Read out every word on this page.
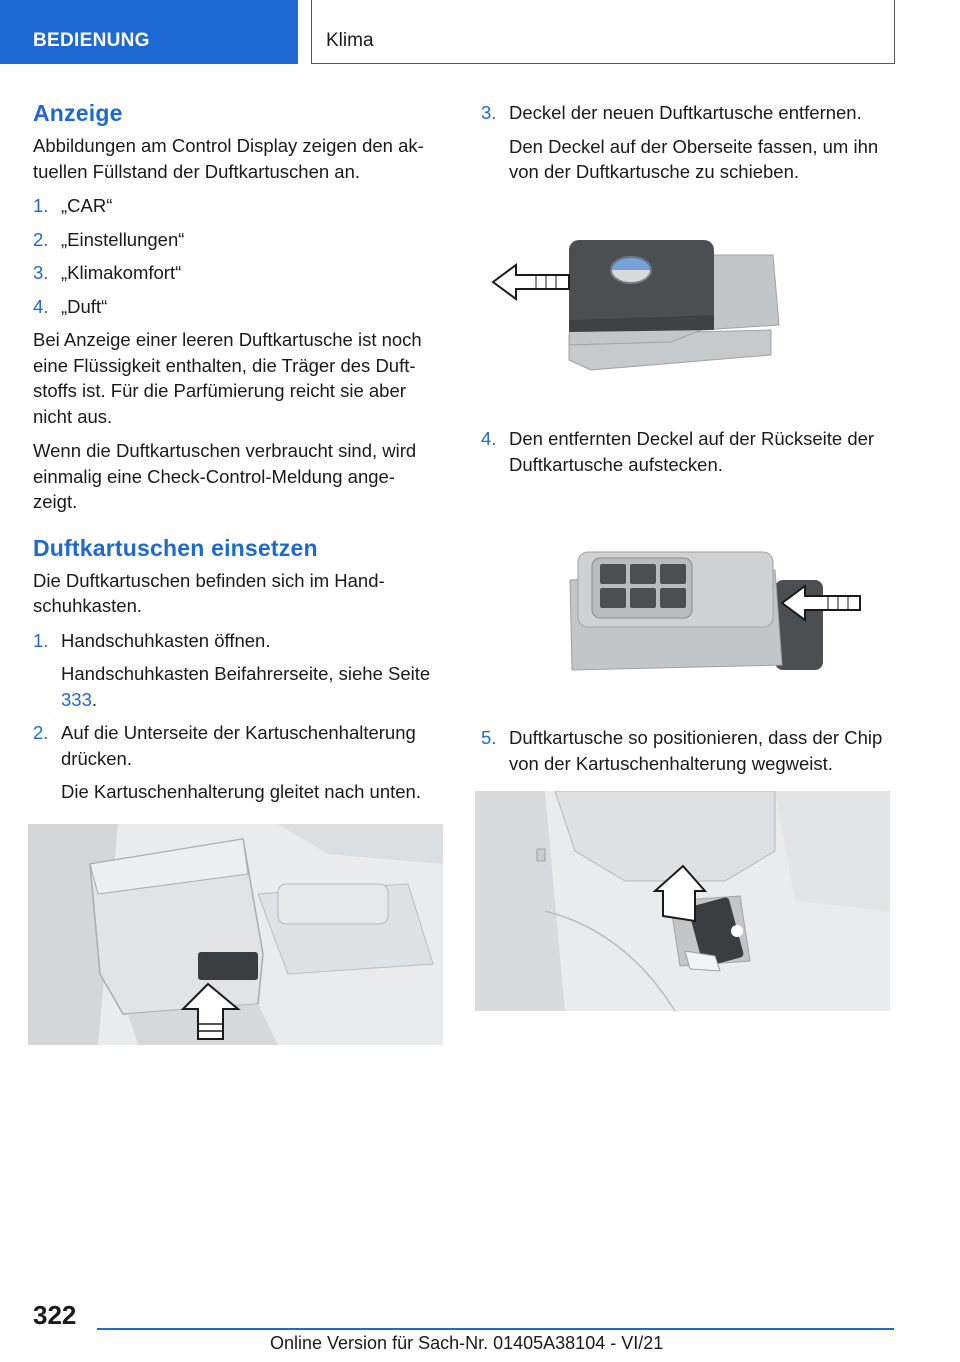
BEDIENUNG	Klima
Anzeige

Abbildungen am Control Display zeigen den ak-tuellen Füllstand der Duftkartuschen an.

1. „CAR“
2. „Einstellungen“
3. „Klimakomfort“
4. „Duft“

Bei Anzeige einer leeren Duftkartusche ist noch eine Flüssigkeit enthalten, die Träger des Duft-stoffs ist. Für die Parfümierung reicht sie aber nicht aus.

Wenn die Duftkartuschen verbraucht sind, wird einmalig eine Check-Control-Meldung ange-zeigt.

Duftkartuschen einsetzen

Die Duftkartuschen befinden sich im Hand-schuhkasten.

1. Handschuhkasten öffnen.
Handschuhkasten Beifahrerseite, siehe Seite 333.
2. Auf die Unterseite der Kartuschenhalterung drücken.
Die Kartuschenhalterung gleitet nach unten.
3. Deckel der neuen Duftkartusche entfernen.
Den Deckel auf der Oberseite fassen, um ihn von der Duftkartusche zu schieben.
4. Den entfernten Deckel auf der Rückseite der Duftkartusche aufstecken.
5. Duftkartusche so positionieren, dass der Chip von der Kartuschenhalterung wegweist.
322
Online Version für Sach-Nr. 01405A38104 - VI/21
